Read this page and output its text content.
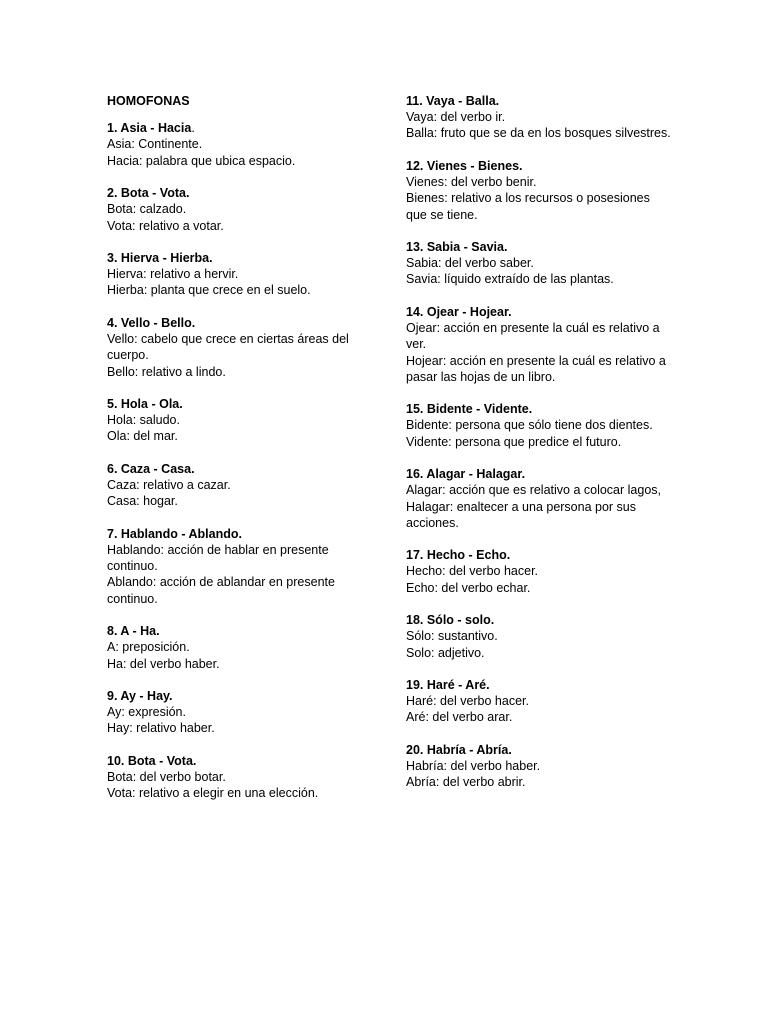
HOMOFONAS
1. Asia - Hacia.
Asia: Continente.
Hacia: palabra que ubica espacio.
2. Bota - Vota.
Bota: calzado.
Vota: relativo a votar.
3. Hierva - Hierba.
Hierva: relativo a hervir.
Hierba: planta que crece en el suelo.
4. Vello - Bello.
Vello: cabelo que crece en ciertas áreas del cuerpo.
Bello: relativo a lindo.
5. Hola - Ola.
Hola: saludo.
Ola: del mar.
6. Caza - Casa.
Caza: relativo a cazar.
Casa: hogar.
7. Hablando - Ablando.
Hablando: acción de hablar en presente continuo.
Ablando: acción de ablandar en presente continuo.
8. A - Ha.
A: preposición.
Ha: del verbo haber.
9. Ay - Hay.
Ay: expresión.
Hay: relativo haber.
10. Bota - Vota.
Bota: del verbo botar.
Vota: relativo a elegir en una elección.
11. Vaya - Balla.
Vaya: del verbo ir.
Balla: fruto que se da en los bosques silvestres.
12. Vienes - Bienes.
Vienes: del verbo benir.
Bienes: relativo a los recursos o posesiones que se tiene.
13. Sabia - Savia.
Sabia: del verbo saber.
Savia: líquido extraído de las plantas.
14. Ojear - Hojear.
Ojear: acción en presente la cuál es relativo a ver.
Hojear: acción en presente la cuál es relativo a pasar las hojas de un libro.
15. Bidente - Vidente.
Bidente: persona que sólo tiene dos dientes.
Vidente: persona que predice el futuro.
16. Alagar - Halagar.
Alagar: acción que es relativo a colocar lagos,
Halagar: enaltecer a una persona por sus acciones.
17. Hecho - Echo.
Hecho: del verbo hacer.
Echo: del verbo echar.
18. Sólo - solo.
Sólo: sustantivo.
Solo: adjetivo.
19. Haré - Aré.
Haré: del verbo hacer.
Aré: del verbo arar.
20. Habría - Abría.
Habría: del verbo haber.
Abría: del verbo abrir.
